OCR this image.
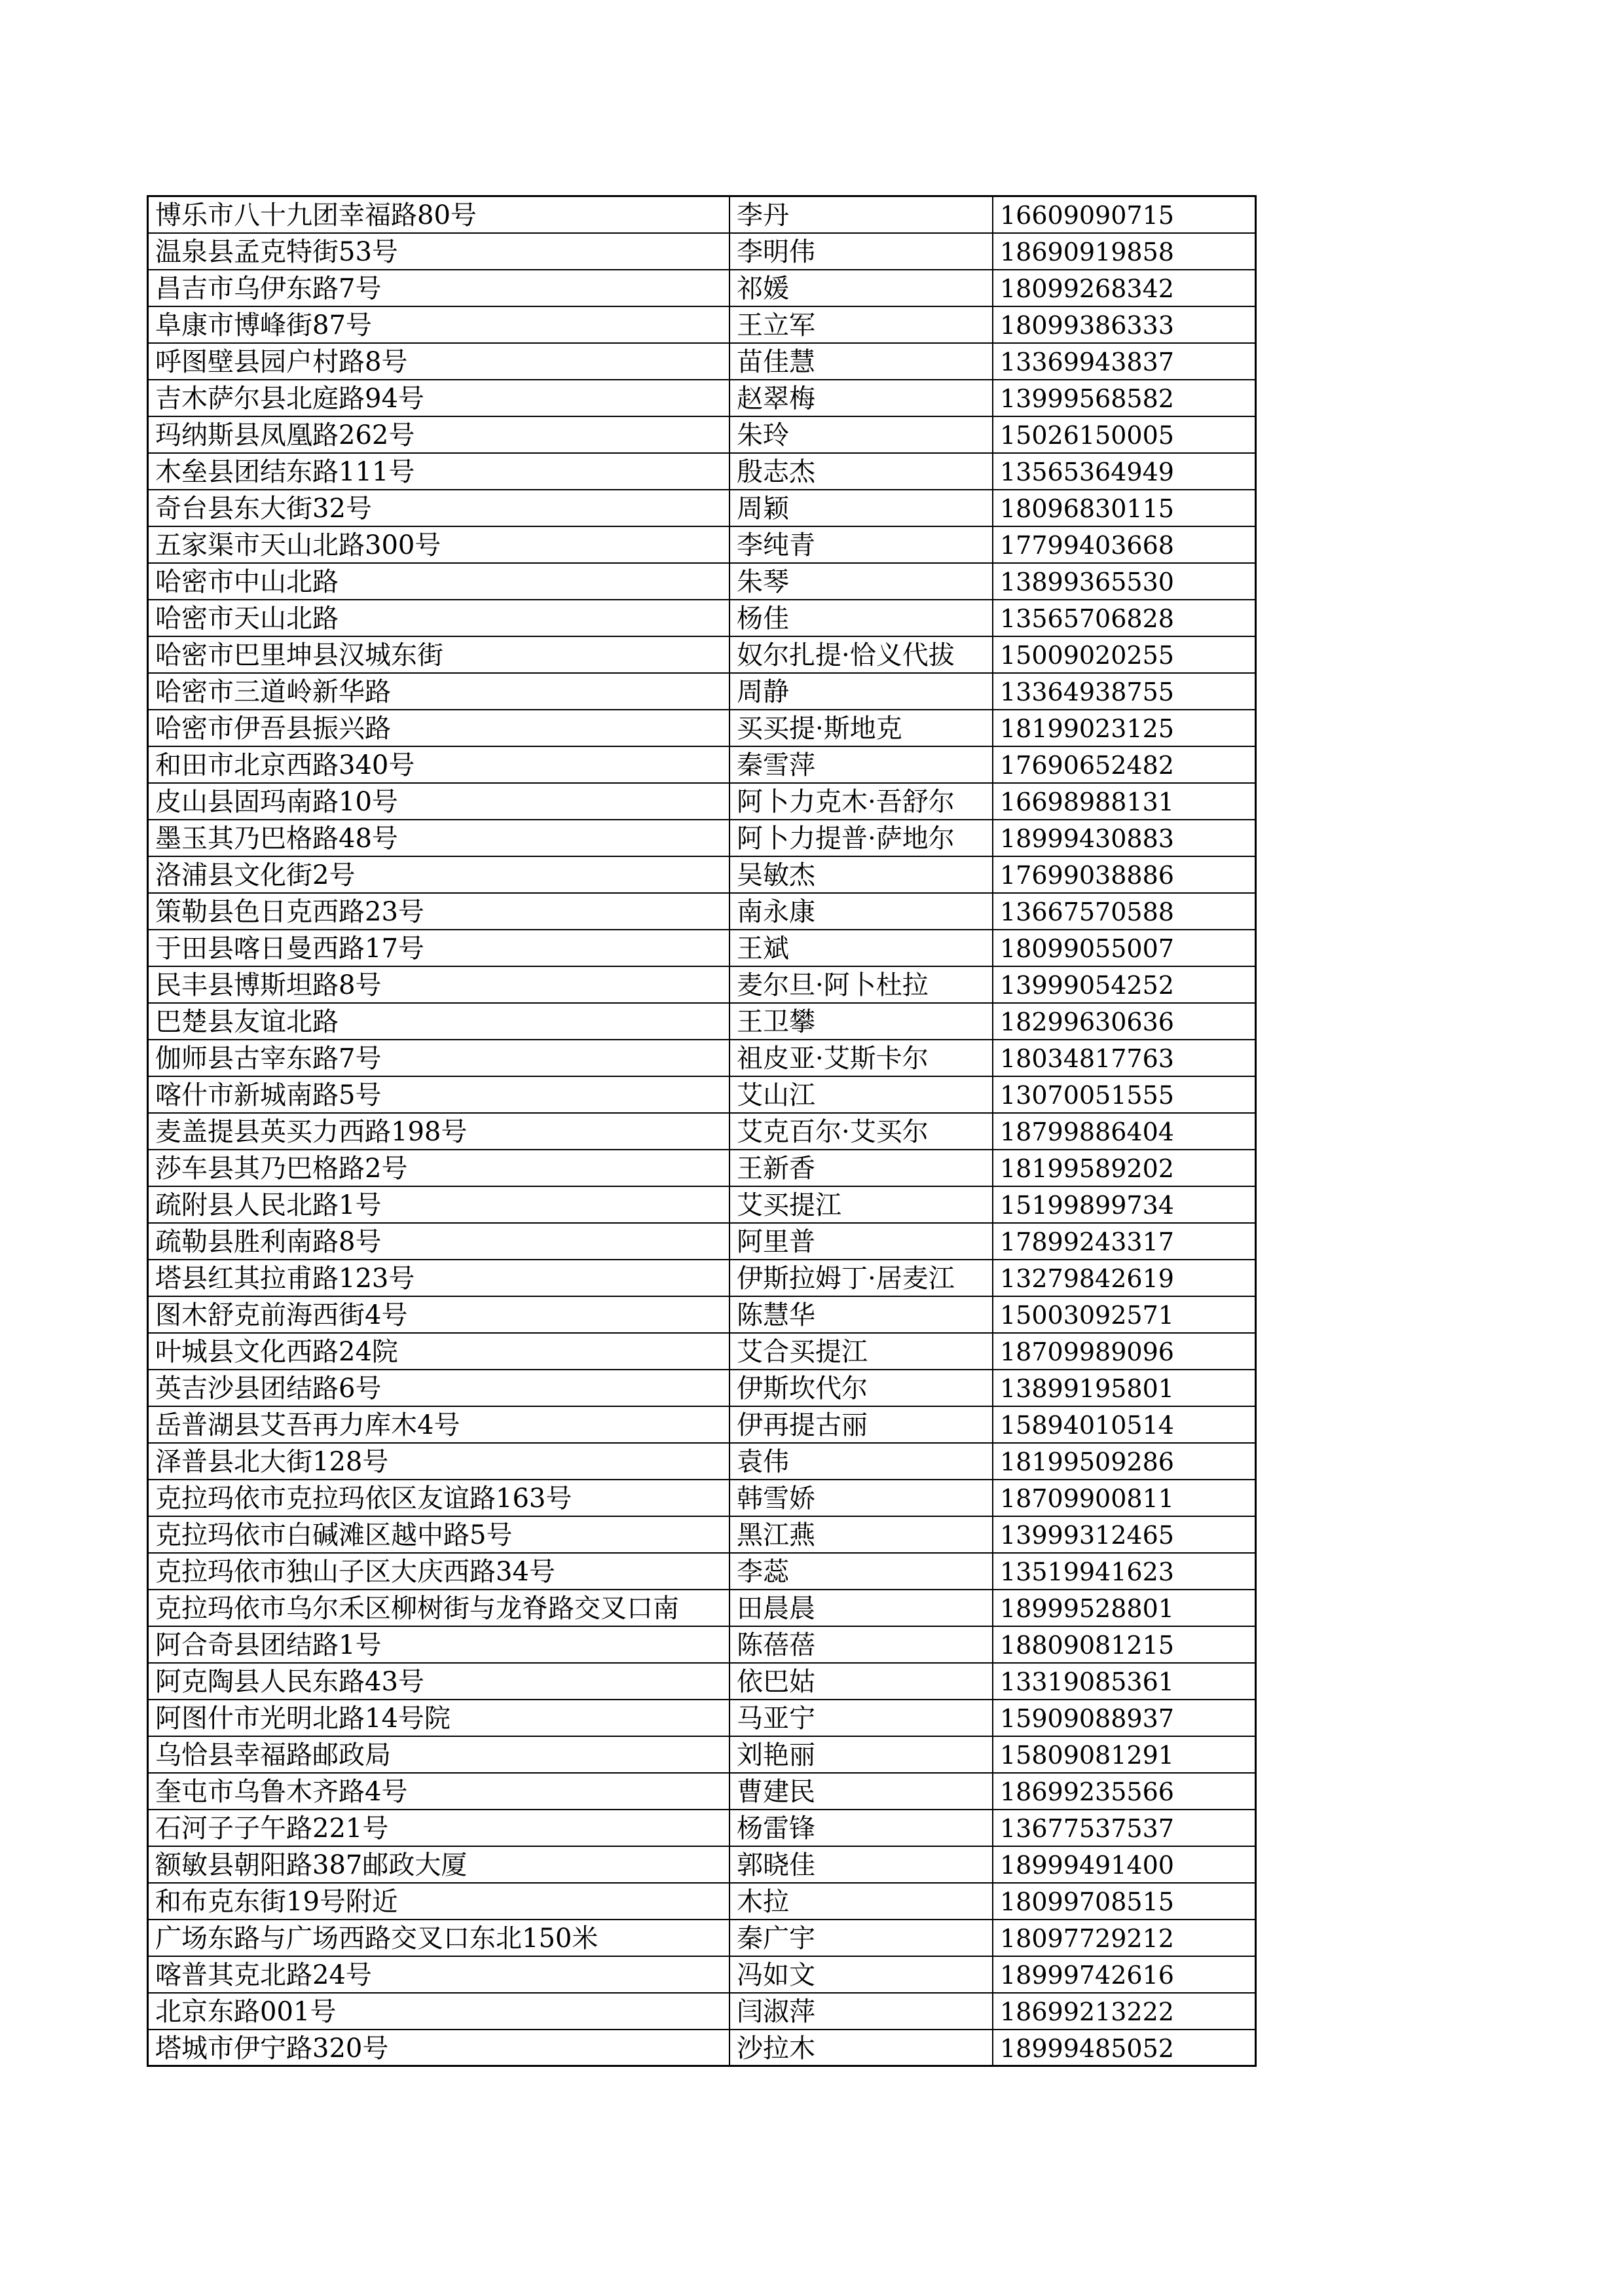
博乐市八十九团幸福路80号	李丹	16609090715
温泉县孟克特街53号	李明伟	18690919858
昌吉市乌伊东路7号	祁媛	18099268342
阜康市博峰街87号	王立军	18099386333
呼图壁县园户村路8号	苗佳慧	13369943837
吉木萨尔县北庭路94号	赵翠梅	13999568582
玛纳斯县凤凰路262号	朱玲	15026150005
木垒县团结东路111号	殷志杰	13565364949
奇台县东大街32号	周颖	18096830115
五家渠市天山北路300号	李纯青	17799403668
哈密市中山北路	朱琴	13899365530
哈密市天山北路	杨佳	13565706828
哈密市巴里坤县汉城东街	奴尔扎提·恰义代拔	15009020255
哈密市三道岭新华路	周静	13364938755
哈密市伊吾县振兴路	买买提·斯地克	18199023125
和田市北京西路340号	秦雪萍	17690652482
皮山县固玛南路10号	阿卜力克木·吾舒尔	16698988131
墨玉其乃巴格路48号	阿卜力提普·萨地尔	18999430883
洛浦县文化街2号	吴敏杰	17699038886
策勒县色日克西路23号	南永康	13667570588
于田县喀日曼西路17号	王斌	18099055007
民丰县博斯坦路8号	麦尔旦·阿卜杜拉	13999054252
巴楚县友谊北路	王卫攀	18299630636
伽师县古宰东路7号	祖皮亚·艾斯卡尔	18034817763
喀什市新城南路5号	艾山江	13070051555
麦盖提县英买力西路198号	艾克百尔·艾买尔	18799886404
莎车县其乃巴格路2号	王新香	18199589202
疏附县人民北路1号	艾买提江	15199899734
疏勒县胜利南路8号	阿里普	17899243317
塔县红其拉甫路123号	伊斯拉姆丁·居麦江	13279842619
图木舒克前海西街4号	陈慧华	15003092571
叶城县文化西路24院	艾合买提江	18709989096
英吉沙县团结路6号	伊斯坎代尔	13899195801
岳普湖县艾吾再力库木4号	伊再提古丽	15894010514
泽普县北大街128号	袁伟	18199509286
克拉玛依市克拉玛依区友谊路163号	韩雪娇	18709900811
克拉玛依市白碱滩区越中路5号	黑江燕	13999312465
克拉玛依市独山子区大庆西路34号	李蕊	13519941623
克拉玛依市乌尔禾区柳树街与龙脊路交叉口南	田晨晨	18999528801
阿合奇县团结路1号	陈蓓蓓	18809081215
阿克陶县人民东路43号	依巴姑	13319085361
阿图什市光明北路14号院	马亚宁	15909088937
乌恰县幸福路邮政局	刘艳丽	15809081291
奎屯市乌鲁木齐路4号	曹建民	18699235566
石河子子午路221号	杨雷锋	13677537537
额敏县朝阳路387邮政大厦	郭晓佳	18999491400
和布克东街19号附近	木拉	18099708515
广场东路与广场西路交叉口东北150米	秦广宇	18097729212
喀普其克北路24号	冯如文	18999742616
北京东路001号	闫淑萍	18699213222
塔城市伊宁路320号	沙拉木	18999485052
